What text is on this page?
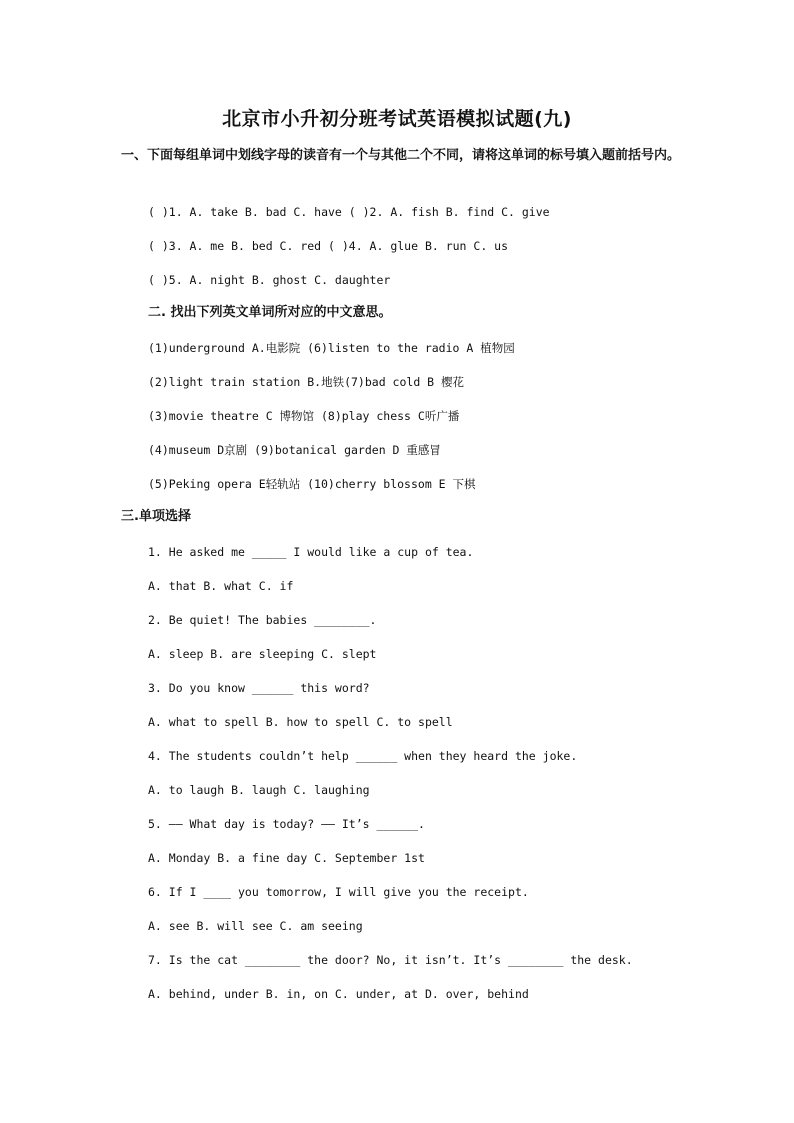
北京市小升初分班考试英语模拟试题(九)
一、下面每组单词中划线字母的读音有一个与其他二个不同，请将这单词的标号填入题前括号内。
( )1. A. take B. bad C. have ( )2. A. fish B. find C. give
( )3. A. me B. bed C. red ( )4. A. glue B. run C. us
( )5. A. night B. ghost C. daughter
二. 找出下列英文单词所对应的中文意思。
(1)underground A.电影院 (6)listen to the radio A 植物园
(2)light train station B.地铁(7)bad cold B 樱花
(3)movie theatre C 博物馆 (8)play chess C听广播
(4)museum D京剧 (9)botanical garden D 重感冒
(5)Peking opera E轻轨站 (10)cherry blossom E 下棋
三.单项选择
1. He asked me _____ I would like a cup of tea.
A. that B. what C. if
2. Be quiet! The babies ________.
A. sleep B. are sleeping C. slept
3. Do you know ______ this word?
A. what to spell B. how to spell C. to spell
4. The students couldn’t help ______ when they heard the joke.
A. to laugh B. laugh C. laughing
5. —— What day is today? —— It’s ______.
A. Monday B. a fine day C. September 1st
6. If I ____ you tomorrow, I will give you the receipt.
A. see B. will see C. am seeing
7. Is the cat ________ the door? No, it isn’t. It’s ________ the desk.
A. behind, under B. in, on C. under, at D. over, behind
